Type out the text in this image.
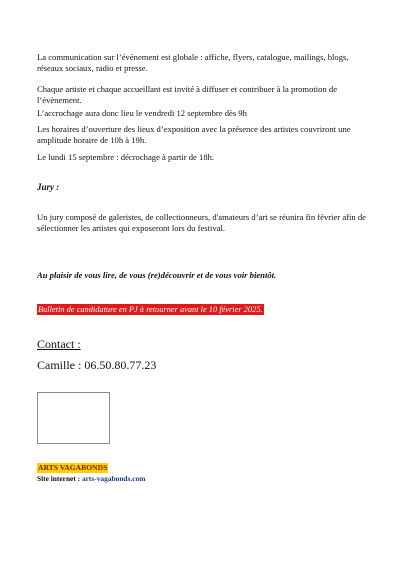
La communication sur l’évènement est globale : affiche, flyers, catalogue, mailings, blogs, réseaux sociaux, radio et presse.

Chaque artiste et chaque accueillant est invité à diffuser et contribuer à la promotion de l’évènement.

L’accrochage aura donc lieu le vendredi 12 septembre dès 9h

Les horaires d’ouverture des lieux d’exposition avec la présence des artistes couvriront une amplitude horaire de 10h à 19h.

Le lundi 15 septembre : décrochage à partir de 18h.

Jury :

Un jury composé de galeristes, de collectionneurs, d'amateurs d’art se réunira fin février afin de sélectionner les artistes qui exposeront lors du festival.

Au plaisir de vous lire, de vous (re)découvrir et de vous voir bientôt.
Bulletin de candidature en PJ à retourner avant le 10 février 2025.
Contact :
Camille : 06.50.80.77.23
ARTS VAGABONDS
Site internet : arts-vagabonds.com
